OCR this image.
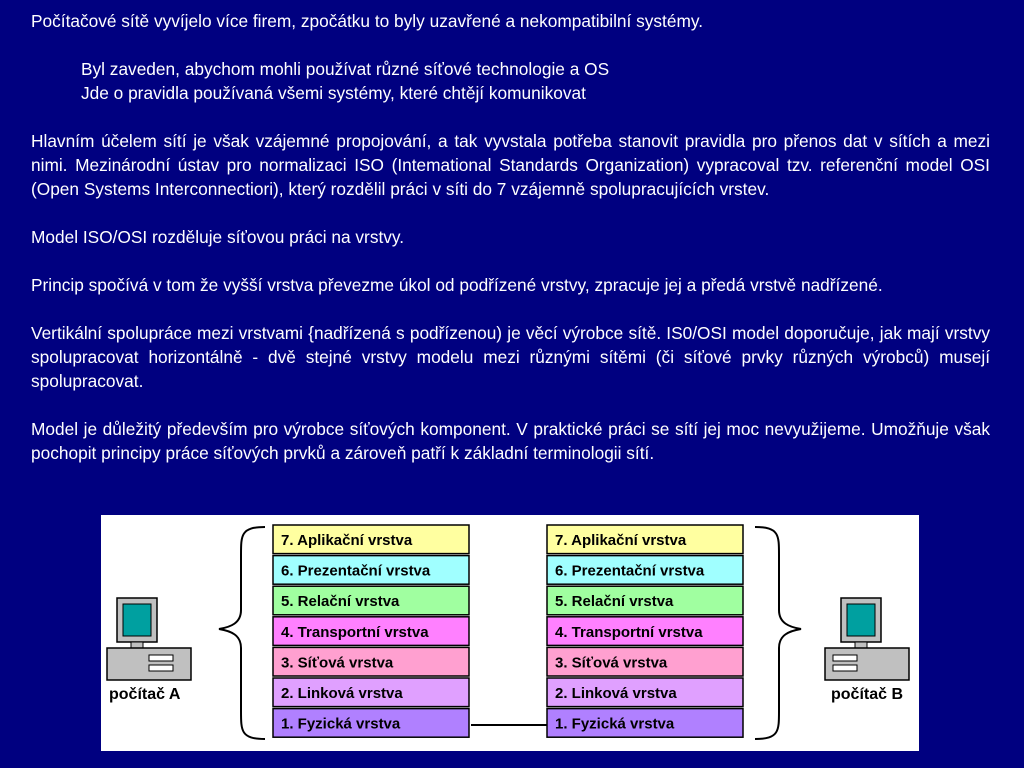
Počítačové sítě vyvíjelo více firem, zpočátku to byly uzavřené a nekompatibilní systémy.

Byl zaveden, abychom mohli používat různé síťové technologie a OS

Jde o pravidla používaná všemi systémy, které chtějí komunikovat

Hlavním účelem sítí je však vzájemné propojování, a tak vyvstala potřeba stanovit pravidla pro přenos dat v sítích a mezi nimi. Mezinárodní ústav pro normalizaci ISO (Intemational Standards Organization) vypracoval tzv. referenční model OSI (Open Systems Interconnectiori), který rozdělil práci v síti do 7 vzájemně spolupracujících vrstev.

Model ISO/OSI rozděluje síťovou práci na vrstvy.

Princip spočívá v tom že vyšší vrstva převezme úkol od podřízené vrstvy, zpracuje jej a předá vrstvě nadřízené.

Vertikální spolupráce mezi vrstvami {nadřízená s podřízenou) je věcí výrobce sítě. IS0/OSI model doporučuje, jak mají vrstvy spolupracovat horizontálně - dvě stejné vrstvy modelu mezi různými sítěmi (či síťové prvky různých výrobců) musejí spolupracovat.

Model je důležitý především pro výrobce síťových komponent. V praktické práci se sítí jej moc nevyužijeme. Umožňuje však pochopit principy práce síťových prvků a zároveň patří k základní terminologii sítí.

počítač A	počítač B
7. Aplikační vrstva
6. Prezentační vrstva
5. Relační vrstva
4. Transportní vrstva
3. Síťová vrstva
2. Linková vrstva
1. Fyzická vrstva
7. Aplikační vrstva
6. Prezentační vrstva
5. Relační vrstva
4. Transportní vrstva
3. Síťová vrstva
2. Linková vrstva
1. Fyzická vrstva
